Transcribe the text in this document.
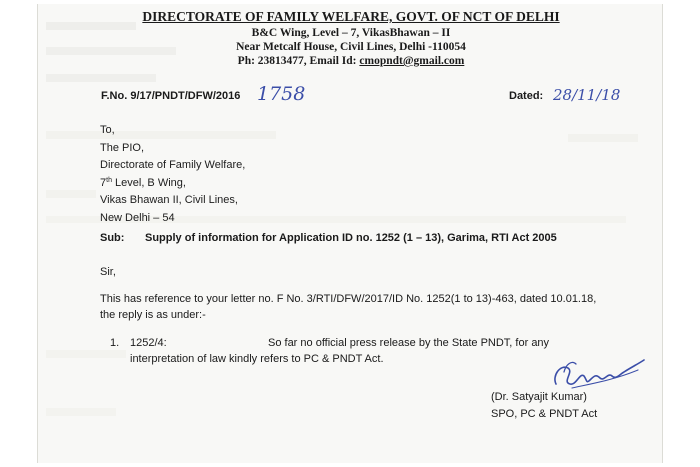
DIRECTORATE OF FAMILY WELFARE, GOVT. OF NCT OF DELHI
B&C Wing, Level – 7, VikasBhawan – II
Near Metcalf House, Civil Lines, Delhi -110054
Ph: 23813477, Email Id: cmopndt@gmail.com
F.No. 9/17/PNDT/DFW/2016 1758	Dated: 28/11/18
To,
The PIO,
Directorate of Family Welfare,
7th Level, B Wing,
Vikas Bhawan II, Civil Lines,
New Delhi – 54
Sub: Supply of information for Application ID no. 1252 (1 – 13), Garima, RTI Act 2005
Sir,
This has reference to your letter no. F No. 3/RTI/DFW/2017/ID No. 1252(1 to 13)-463, dated 10.01.18, the reply is as under:-
1. 1252/4:	So far no official press release by the State PNDT, for any
interpretation of law kindly refers to PC & PNDT Act.
(Dr. Satyajit Kumar)
SPO, PC & PNDT Act
